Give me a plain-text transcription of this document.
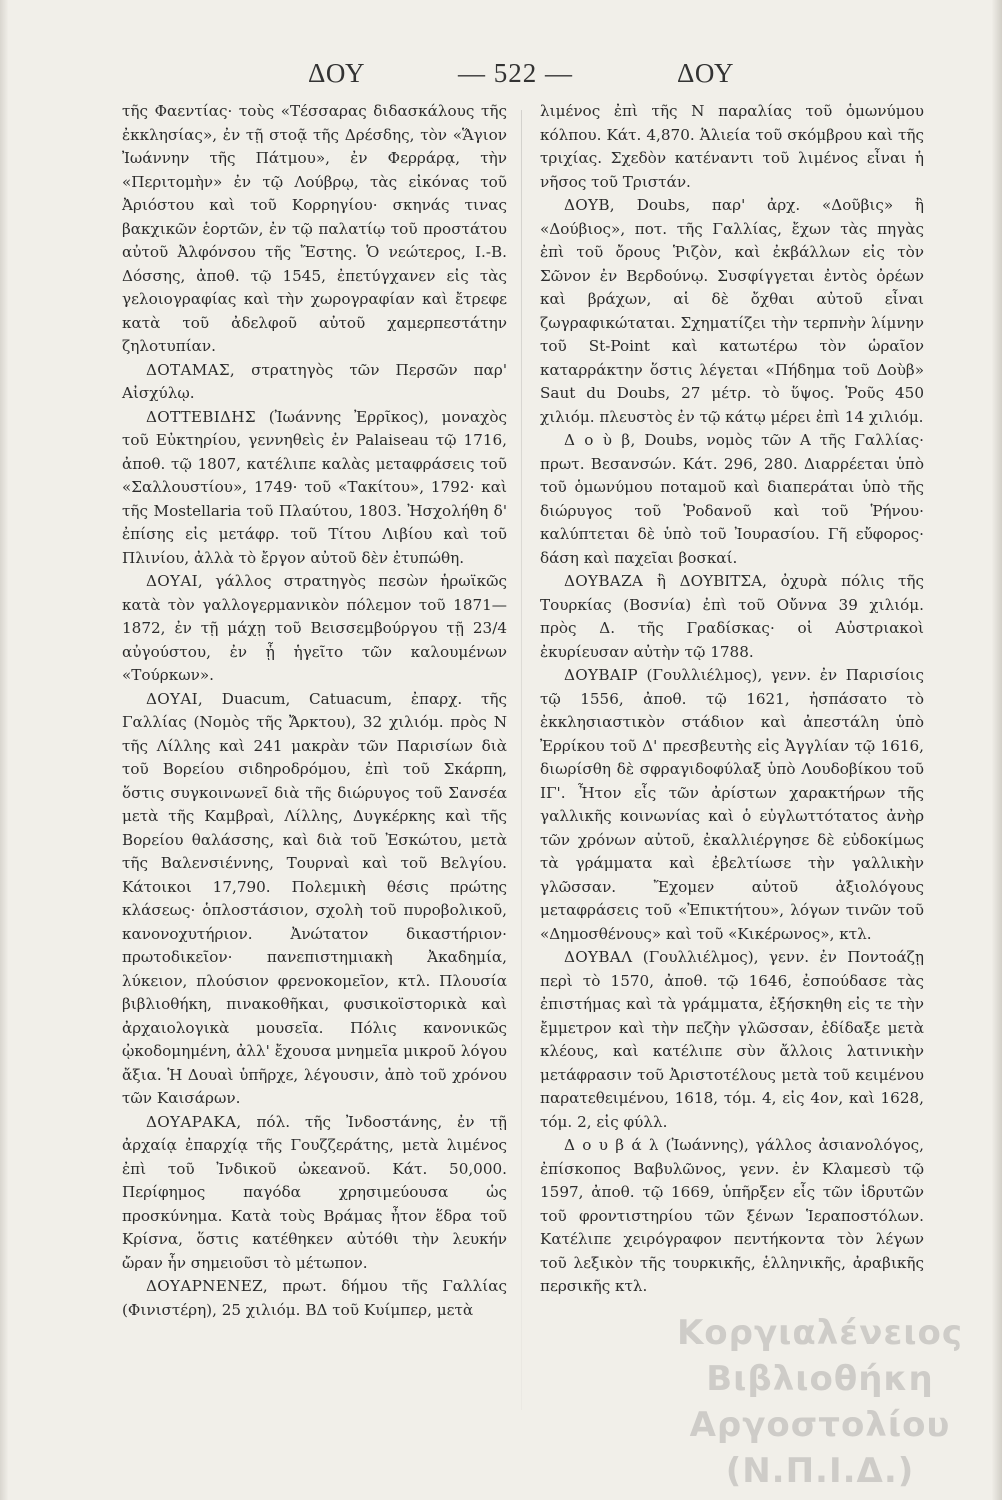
ΔΟΥ	— 522 —	ΔΟΥ

τῆς Φαεντίας· τοὺς «Τέσσαρας διδασκάλους τῆς ἐκκλησίας», ἐν τῇ στοᾷ τῆς Δρέσδης, τὸν «Ἅγιον Ἰωάννην τῆς Πάτμου», ἐν Φερράρᾳ, τὴν «Περιτομὴν» ἐν τῷ Λούβρῳ, τὰς εἰκόνας τοῦ Ἀριόστου καὶ τοῦ Κορρηγίου· σκηνάς τινας βακχικῶν ἑορτῶν, ἐν τῷ παλατίῳ τοῦ προστάτου αὐτοῦ Ἀλφόνσου τῆς Ἔστης. Ὁ νεώτερος, I.-B. Δόσσης, ἀποθ. τῷ 1545, ἐπετύγχανεν εἰς τὰς γελοιογραφίας καὶ τὴν χωρογραφίαν καὶ ἔτρεφε κατὰ τοῦ ἀδελφοῦ αὐτοῦ χαμερπεστάτην ζηλοτυπίαν.

ΔΟΤΑΜΑΣ, στρατηγὸς τῶν Περσῶν παρ' Αἰσχύλῳ.

ΔΟΤΤΕΒΙΔΗΣ (Ἰωάννης Ἐρρῖκος), μοναχὸς τοῦ Εὐκτηρίου, γεννηθεὶς ἐν Palaiseau τῷ 1716, ἀποθ. τῷ 1807, κατέλιπε καλὰς μεταφράσεις τοῦ «Σαλλουστίου», 1749· τοῦ «Τακίτου», 1792· καὶ τῆς Mostellaria τοῦ Πλαύτου, 1803. Ἠσχολήθη δ' ἐπίσης εἰς μετάφρ. τοῦ Τίτου Λιβίου καὶ τοῦ Πλινίου, ἀλλὰ τὸ ἔργον αὐτοῦ δὲν ἐτυπώθη.

ΔΟΥΑΙ, γάλλος στρατηγὸς πεσὼν ἡρωϊκῶς κατὰ τὸν γαλλογερμανικὸν πόλεμον τοῦ 1871—1872, ἐν τῇ μάχῃ τοῦ Βεισσεμβούργου τῇ 23/4 αὐγούστου, ἐν ᾗ ἡγεῖτο τῶν καλουμένων «Τούρκων».

ΔΟΥΑΙ, Duacum, Catuacum, ἐπαρχ. τῆς Γαλλίας (Νομὸς τῆς Ἄρκτου), 32 χιλιόμ. πρὸς Ν τῆς Λίλλης καὶ 241 μακρὰν τῶν Παρισίων διὰ τοῦ Βορείου σιδηροδρόμου, ἐπὶ τοῦ Σκάρπη, ὅστις συγκοινωνεῖ διὰ τῆς διώρυγος τοῦ Σανσέα μετὰ τῆς Καμβραὶ, Λίλλης, Δυγκέρκης καὶ τῆς Βορείου θαλάσσης, καὶ διὰ τοῦ Ἐσκώτου, μετὰ τῆς Βαλενσιέννης, Τουρναὶ καὶ τοῦ Βελγίου. Κάτοικοι 17,790. Πολεμικὴ θέσις πρώτης κλάσεως· ὁπλοστάσιον, σχολὴ τοῦ πυροβολικοῦ, κανονοχυτήριον. Ἀνώτατον δικαστήριον· πρωτοδικεῖον· πανεπιστημιακὴ Ἀκαδημία, λύκειον, πλούσιον φρενοκομεῖον, κτλ. Πλουσία βιβλιοθήκη, πινακοθῆκαι, φυσικοϊστορικὰ καὶ ἀρχαιολογικὰ μουσεῖα. Πόλις κανονικῶς ᾠκοδομημένη, ἀλλ' ἔχουσα μνημεῖα μικροῦ λόγου ἄξια. Ἡ Δουαὶ ὑπῆρχε, λέγουσιν, ἀπὸ τοῦ χρόνου τῶν Καισάρων.

ΔΟΥΑΡΑΚΑ, πόλ. τῆς Ἰνδοστάνης, ἐν τῇ ἀρχαίᾳ ἐπαρχίᾳ τῆς Γουζζεράτης, μετὰ λιμένος ἐπὶ τοῦ Ἰνδικοῦ ὠκεανοῦ. Κάτ. 50,000. Περίφημος παγόδα χρησιμεύουσα ὡς προσκύνημα. Κατὰ τοὺς Βράμας ἦτον ἕδρα τοῦ Κρίσνα, ὅστις κατέθηκεν αὐτόθι τὴν λευκήν ὤραν ἧν σημειοῦσι τὸ μέτωπον.

ΔΟΥΑΡΝΕΝΕΖ, πρωτ. δήμου τῆς Γαλλίας (Φινιστέρη), 25 χιλιόμ. ΒΔ τοῦ Κυίμπερ, μετὰ

λιμένος ἐπὶ τῆς Ν παραλίας τοῦ ὁμωνύμου κόλπου. Κάτ. 4,870. Ἁλιεία τοῦ σκόμβρου καὶ τῆς τριχίας. Σχεδὸν κατέναντι τοῦ λιμένος εἶναι ἡ νῆσος τοῦ Τριστάν.

ΔΟΥΒ, Doubs, παρ' ἀρχ. «Δοῦβις» ἢ «Δούβιος», ποτ. τῆς Γαλλίας, ἔχων τὰς πηγὰς ἐπὶ τοῦ ὄρους Ῥιζὸν, καὶ ἐκβάλλων εἰς τὸν Σῶνον ἐν Βερδούνῳ. Συσφίγγεται ἐντὸς ὀρέων καὶ βράχων, αἱ δὲ ὄχθαι αὐτοῦ εἶναι ζωγραφικώταται. Σχηματίζει τὴν τερπνὴν λίμνην τοῦ St-Point καὶ κατωτέρω τὸν ὡραῖον καταρράκτην ὅστις λέγεται «Πήδημα τοῦ Δοὺβ» Saut du Doubs, 27 μέτρ. τὸ ὕψος. Ῥοῦς 450 χιλιόμ. πλευστὸς ἐν τῷ κάτῳ μέρει ἐπὶ 14 χιλιόμ.

Δ ο ὺ β, Doubs, νομὸς τῶν Α τῆς Γαλλίας· πρωτ. Βεσανσών. Κάτ. 296, 280. Διαρρέεται ὑπὸ τοῦ ὁμωνύμου ποταμοῦ καὶ διαπεράται ὑπὸ τῆς διώρυγος τοῦ Ῥοδανοῦ καὶ τοῦ Ῥήνου· καλύπτεται δὲ ὑπὸ τοῦ Ἰουρασίου. Γῆ εὔφορος· δάση καὶ παχεῖαι βοσκαί.

ΔΟΥΒΑΖΑ ἢ ΔΟΥΒΙΤΣΑ, ὀχυρὰ πόλις τῆς Τουρκίας (Βοσνία) ἐπὶ τοῦ Οὔννα 39 χιλιόμ. πρὸς Δ. τῆς Γραδίσκας· οἱ Αὐστριακοὶ ἐκυρίευσαν αὐτὴν τῷ 1788.

ΔΟΥΒΑΙΡ (Γουλλιέλμος), γενν. ἐν Παρισίοις τῷ 1556, ἀποθ. τῷ 1621, ἠσπάσατο τὸ ἐκκλησιαστικὸν στάδιον καὶ ἀπεστάλη ὑπὸ Ἐρρίκου τοῦ Δ' πρεσβευτὴς εἰς Ἀγγλίαν τῷ 1616, διωρίσθη δὲ σφραγιδοφύλαξ ὑπὸ Λουδοβίκου τοῦ ΙΓ'. Ἦτον εἷς τῶν ἀρίστων χαρακτήρων τῆς γαλλικῆς κοινωνίας καὶ ὁ εὐγλωττότατος ἀνὴρ τῶν χρόνων αὐτοῦ, ἐκαλλιέργησε δὲ εὐδοκίμως τὰ γράμματα καὶ ἐβελτίωσε τὴν γαλλικὴν γλῶσσαν. Ἔχομεν αὐτοῦ ἀξιολόγους μεταφράσεις τοῦ «Ἐπικτήτου», λόγων τινῶν τοῦ «Δημοσθένους» καὶ τοῦ «Κικέρωνος», κτλ.

ΔΟΥΒΑΛ (Γουλλιέλμος), γενν. ἐν Ποντοάζῃ περὶ τὸ 1570, ἀποθ. τῷ 1646, ἐσπούδασε τὰς ἐπιστήμας καὶ τὰ γράμματα, ἐξήσκηθη εἰς τε τὴν ἔμμετρον καὶ τὴν πεζὴν γλῶσσαν, ἐδίδαξε μετὰ κλέους, καὶ κατέλιπε σὺν ἄλλοις λατινικὴν μετάφρασιν τοῦ Ἀριστοτέλους μετὰ τοῦ κειμένου παρατεθειμένου, 1618, τόμ. 4, εἰς 4ον, καὶ 1628, τόμ. 2, εἰς φύλλ.

Δ ο υ β ά λ (Ἰωάννης), γάλλος ἀσιανολόγος, ἐπίσκοπος Βαβυλῶνος, γενν. ἐν Κλαμεσὺ τῷ 1597, ἀποθ. τῷ 1669, ὑπῆρξεν εἷς τῶν ἱδρυτῶν τοῦ φροντιστηρίου τῶν ξένων Ἱεραποστόλων. Κατέλιπε χειρόγραφον πεντήκοντα τὸν λέγων τοῦ λεξικὸν τῆς τουρκικῆς, ἑλληνικῆς, ἀραβικῆς περσικῆς κτλ.

Κοργιαλένειος Βιβλιοθήκη
Αργοστολίου (Ν.Π.Ι.Δ.)
